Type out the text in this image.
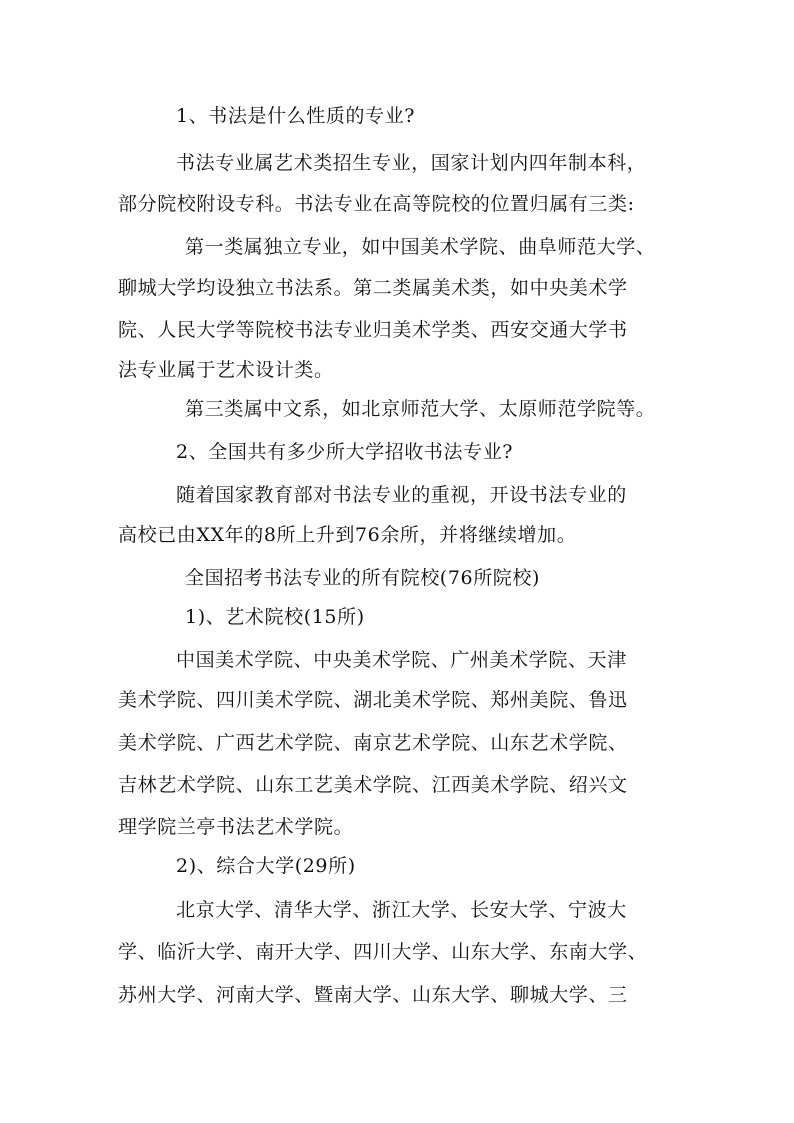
1、书法是什么性质的专业?
书法专业属艺术类招生专业，国家计划内四年制本科，
部分院校附设专科。书法专业在高等院校的位置归属有三类:
第一类属独立专业，如中国美术学院、曲阜师范大学、
聊城大学均设独立书法系。第二类属美术类，如中央美术学
院、人民大学等院校书法专业归美术学类、西安交通大学书
法专业属于艺术设计类。
第三类属中文系，如北京师范大学、太原师范学院等。
2、全国共有多少所大学招收书法专业?
随着国家教育部对书法专业的重视，开设书法专业的
高校已由XX年的8所上升到76余所，并将继续增加。
全国招考书法专业的所有院校(76所院校)
1)、艺术院校(15所)
中国美术学院、中央美术学院、广州美术学院、天津
美术学院、四川美术学院、湖北美术学院、郑州美院、鲁迅
美术学院、广西艺术学院、南京艺术学院、山东艺术学院、
吉林艺术学院、山东工艺美术学院、江西美术学院、绍兴文
理学院兰亭书法艺术学院。
2)、综合大学(29所)
北京大学、清华大学、浙江大学、长安大学、宁波大
学、临沂大学、南开大学、四川大学、山东大学、东南大学、
苏州大学、河南大学、暨南大学、山东大学、聊城大学、三
